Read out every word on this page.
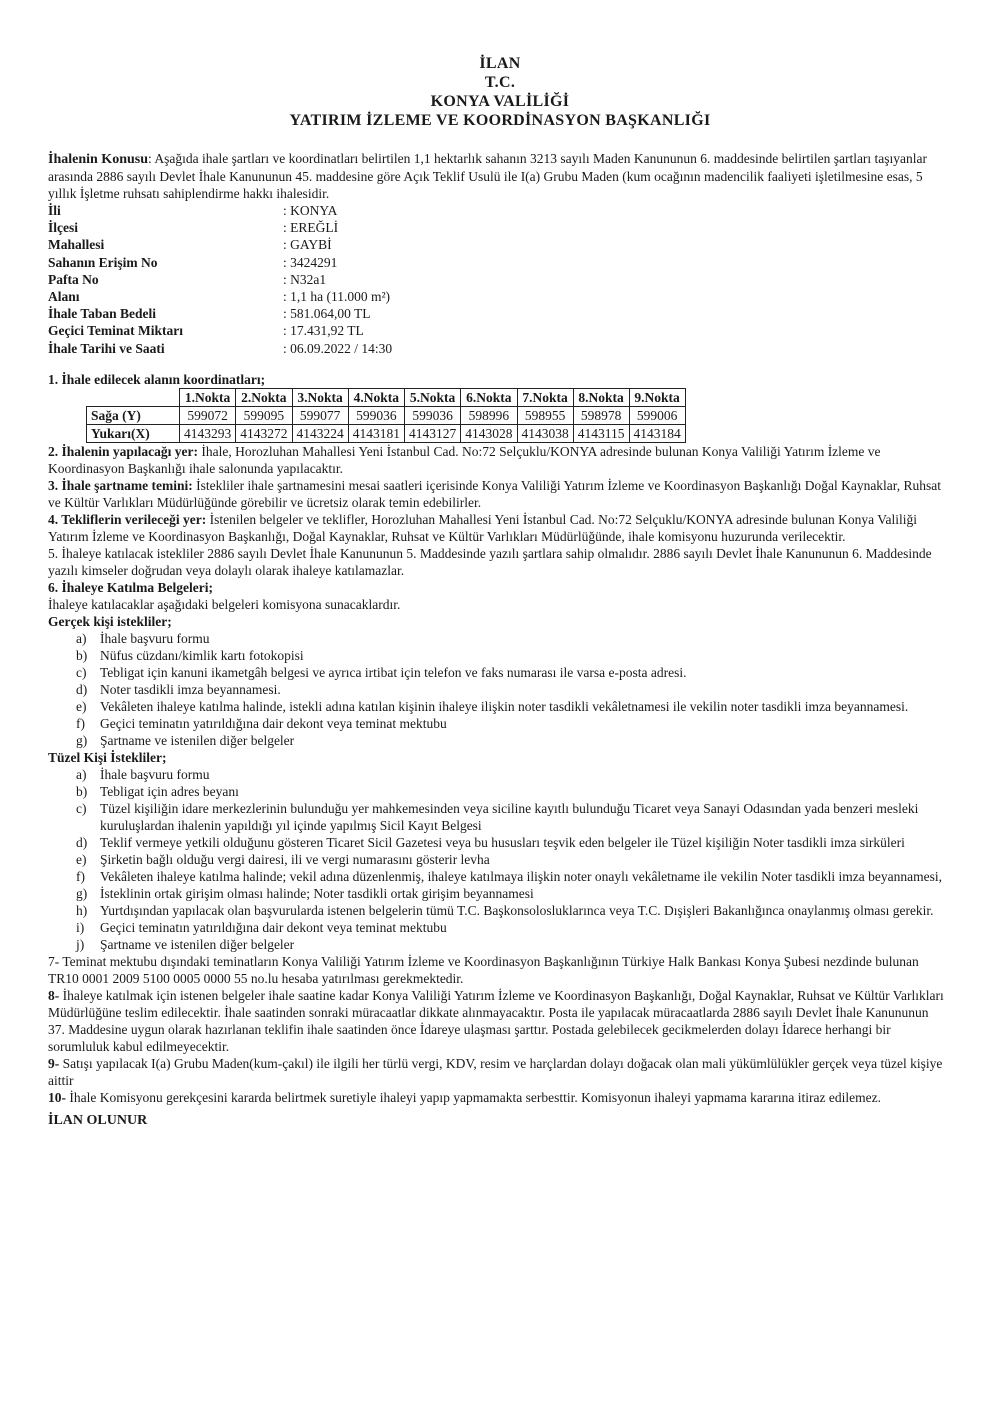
İLAN
T.C.
KONYA VALİLİĞİ
YATIRIM İZLEME VE KOORDİNASYON BAŞKANLIĞI

İhalenin Konusu: Aşağıda ihale şartları ve koordinatları belirtilen 1,1 hektarlık sahanın 3213 sayılı Maden Kanununun 6. maddesinde belirtilen şartları taşıyanlar arasında 2886 sayılı Devlet İhale Kanununun 45. maddesine göre Açık Teklif Usulü ile I(a) Grubu Maden (kum ocağının madencilik faaliyeti işletilmesine esas, 5 yıllık İşletme ruhsatı sahiplendirme hakkı ihalesidir.

İli	: KONYA
İlçesi	: EREĞLİ
Mahallesi	: GAYBİ
Sahanın Erişim No	: 3424291
Pafta No	: N32a1
Alanı	: 1,1 ha (11.000 m²)
İhale Taban Bedeli	: 581.064,00 TL
Geçici Teminat Miktarı	: 17.431,92 TL
İhale Tarihi ve Saati	: 06.09.2022 / 14:30
1. İhale edilecek alanın koordinatları;
	1.Nokta	2.Nokta	3.Nokta	4.Nokta	5.Nokta	6.Nokta	7.Nokta	8.Nokta	9.Nokta
Sağa (Y)	599072	599095	599077	599036	599036	598996	598955	598978	599006
Yukarı(X)	4143293	4143272	4143224	4143181	4143127	4143028	4143038	4143115	4143184

2. İhalenin yapılacağı yer: İhale, Horozluhan Mahallesi Yeni İstanbul Cad. No:72 Selçuklu/KONYA adresinde bulunan Konya Valiliği Yatırım İzleme ve Koordinasyon Başkanlığı ihale salonunda yapılacaktır.

3. İhale şartname temini: İstekliler ihale şartnamesini mesai saatleri içerisinde Konya Valiliği Yatırım İzleme ve Koordinasyon Başkanlığı Doğal Kaynaklar, Ruhsat ve Kültür Varlıkları Müdürlüğünde görebilir ve ücretsiz olarak temin edebilirler.

4. Tekliflerin verileceği yer: İstenilen belgeler ve teklifler, Horozluhan Mahallesi Yeni İstanbul Cad. No:72 Selçuklu/KONYA adresinde bulunan Konya Valiliği Yatırım İzleme ve Koordinasyon Başkanlığı, Doğal Kaynaklar, Ruhsat ve Kültür Varlıkları Müdürlüğünde, ihale komisyonu huzurunda verilecektir.

5. İhaleye katılacak istekliler 2886 sayılı Devlet İhale Kanununun 5. Maddesinde yazılı şartlara sahip olmalıdır. 2886 sayılı Devlet İhale Kanununun 6. Maddesinde yazılı kimseler doğrudan veya dolaylı olarak ihaleye katılamazlar.

6. İhaleye Katılma Belgeleri;

İhaleye katılacaklar aşağıdaki belgeleri komisyona sunacaklardır.

Gerçek kişi istekliler;

a)	İhale başvuru formu
b) Nüfus cüzdanı/kimlik kartı fotokopisi
c)	Tebligat için kanuni ikametgâh belgesi ve ayrıca irtibat için telefon ve faks numarası ile varsa e-posta adresi.
d) Noter tasdikli imza beyannamesi.
e)	Vekâleten ihaleye katılma halinde, istekli adına katılan kişinin ihaleye ilişkin noter tasdikli vekâletnamesi ile vekilin noter tasdikli imza beyannamesi.
f)	Geçici teminatın yatırıldığına dair dekont veya teminat mektubu
g) Şartname ve istenilen diğer belgeler

Tüzel Kişi İstekliler;

a)	İhale başvuru formu
b) Tebligat için adres beyanı
c)	Tüzel kişiliğin idare merkezlerinin bulunduğu yer mahkemesinden veya siciline kayıtlı bulunduğu Ticaret veya Sanayi Odasından yada benzeri mesleki kuruluşlardan ihalenin yapıldığı yıl içinde yapılmış Sicil Kayıt Belgesi
d) Teklif vermeye yetkili olduğunu gösteren Ticaret Sicil Gazetesi veya bu hususları teşvik eden belgeler ile Tüzel kişiliğin Noter tasdikli imza sirküleri
e)	Şirketin bağlı olduğu vergi dairesi, ili ve vergi numarasını gösterir levha
f)	Vekâleten ihaleye katılma halinde; vekil adına düzenlenmiş, ihaleye katılmaya ilişkin noter onaylı vekâletname ile vekilin Noter tasdikli imza beyannamesi,
g) İsteklinin ortak girişim olması halinde; Noter tasdikli ortak girişim beyannamesi
h) Yurtdışından yapılacak olan başvurularda istenen belgelerin tümü T.C. Başkonsolosluklarınca veya T.C. Dışişleri Bakanlığınca onaylanmış olması gerekir.
i)	Geçici teminatın yatırıldığına dair dekont veya teminat mektubu
j)	Şartname ve istenilen diğer belgeler

7- Teminat mektubu dışındaki teminatların Konya Valiliği Yatırım İzleme ve Koordinasyon Başkanlığının Türkiye Halk Bankası Konya Şubesi nezdinde bulunan TR10 0001 2009 5100 0005 0000 55 no.lu hesaba yatırılması gerekmektedir.

8- İhaleye katılmak için istenen belgeler ihale saatine kadar Konya Valiliği Yatırım İzleme ve Koordinasyon Başkanlığı, Doğal Kaynaklar, Ruhsat ve Kültür Varlıkları Müdürlüğüne teslim edilecektir. İhale saatinden sonraki müracaatlar dikkate alınmayacaktır. Posta ile yapılacak müracaatlarda 2886 sayılı Devlet İhale Kanununun 37. Maddesine uygun olarak hazırlanan teklifin ihale saatinden önce İdareye ulaşması şarttır. Postada gelebilecek gecikmelerden dolayı İdarece herhangi bir sorumluluk kabul edilmeyecektir.

9- Satışı yapılacak I(a) Grubu Maden(kum-çakıl) ile ilgili her türlü vergi, KDV, resim ve harçlardan dolayı doğacak olan mali yükümlülükler gerçek veya tüzel kişiye aittir

10- İhale Komisyonu gerekçesini kararda belirtmek suretiyle ihaleyi yapıp yapmamakta serbesttir. Komisyonun ihaleyi yapmama kararına itiraz edilemez.

İLAN OLUNUR
